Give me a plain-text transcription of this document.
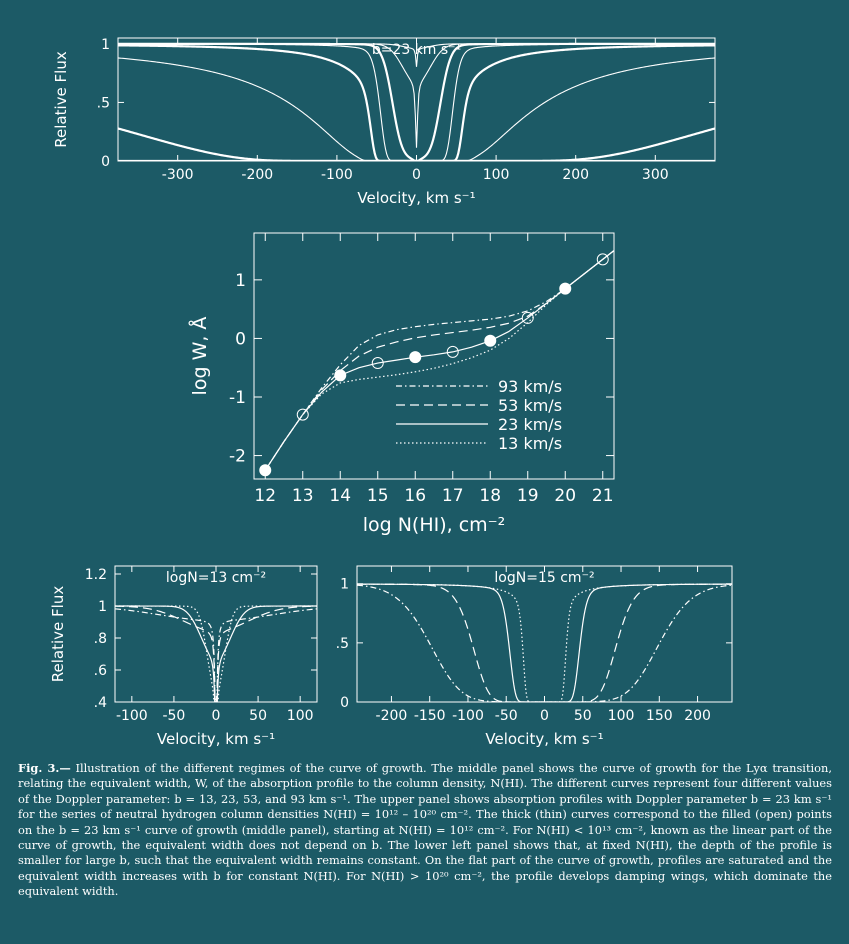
-300	-200	-100	0	100	200	300
0
.5
1
Velocity, km s⁻¹
Relative Flux
b=23 km s⁻¹
12 13 14 15 16 17 18 19 20 21
-2
-1
0
1
log N(HI), cm⁻²
log W, Å	93 km/s
53 km/s
23 km/s
13 km/s
-100 -50 0 50 100
.4
.6
.8
1
1.2
Velocity, km s⁻¹
Relative Flux
logN=13 cm⁻²
-200 -150 -100 -50 0 50 100 150 200
0
.5
1
Velocity, km s⁻¹
logN=15 cm⁻²
Fig. 3.— Illustration of the different regimes of the curve of growth. The middle panel shows the curve of growth for the Lyα transition, relating the equivalent width, W, of the absorption profile to the column density, N(HI). The different curves represent four different values of the Doppler parameter: b = 13, 23, 53, and 93 km s⁻¹. The upper panel shows absorption profiles with Doppler parameter b = 23 km s⁻¹ for the series of neutral hydrogen column densities N(HI) = 10¹² – 10²⁰ cm⁻². The thick (thin) curves correspond to the filled (open) points on the b = 23 km s⁻¹ curve of growth (middle panel), starting at N(HI) = 10¹² cm⁻². For N(HI) < 10¹³ cm⁻², known as the linear part of the curve of growth, the equivalent width does not depend on b. The lower left panel shows that, at fixed N(HI), the depth of the profile is smaller for large b, such that the equivalent width remains constant. On the flat part of the curve of growth, profiles are saturated and the equivalent width increases with b for constant N(HI). For N(HI) > 10²⁰ cm⁻², the profile develops damping wings, which dominate the equivalent width.
